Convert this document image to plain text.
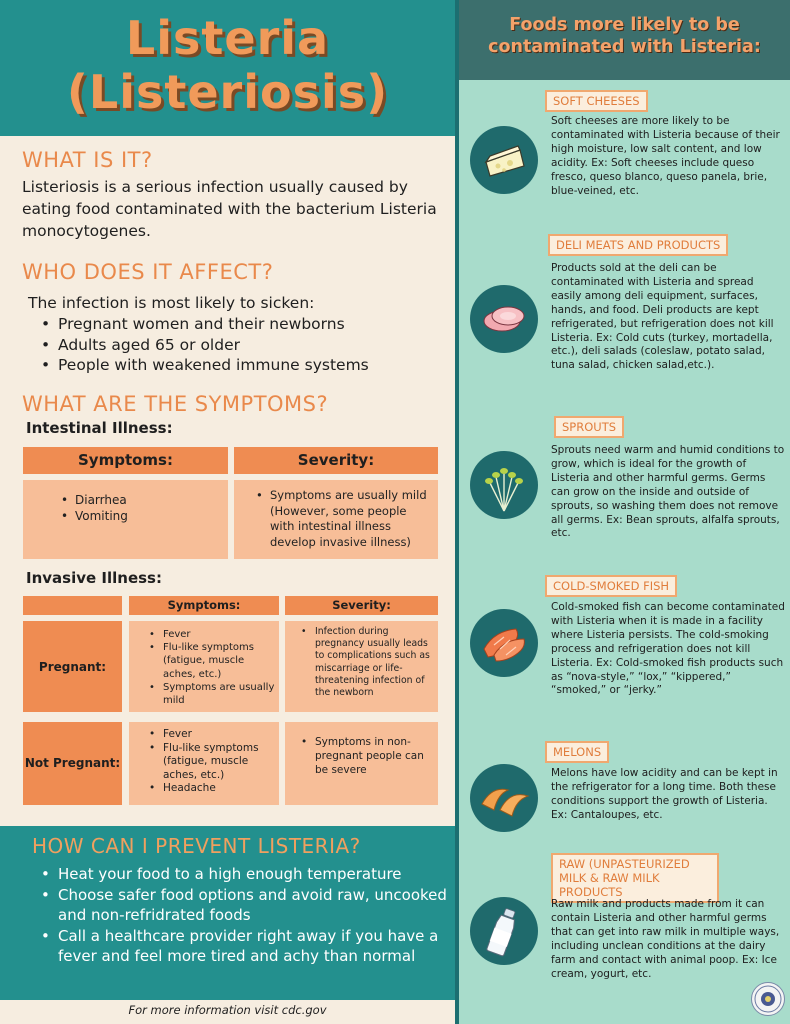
Listeria
(Listeriosis)
WHAT IS IT?
Listeriosis is a serious infection usually caused by eating food contaminated with the bacterium Listeria monocytogenes.
WHO DOES IT AFFECT?
The infection is most likely to sicken:
• Pregnant women and their newborns
• Adults aged 65 or older
• People with weakened immune systems
WHAT ARE THE SYMPTOMS?
Intestinal Illness:
Symptoms:	Severity:
• Diarrhea
• Vomiting
• Symptoms are usually mild (However, some people with intestinal illness develop invasive illness)
Invasive Illness:
Symptoms:	Severity:
Pregnant:
• Fever
• Flu-like symptoms (fatigue, muscle aches, etc.)
• Symptoms are usually mild
• Infection during pregnancy usually leads to complications such as miscarriage or life-threatening infection of the newborn
Not Pregnant:
• Fever
• Flu-like symptoms (fatigue, muscle aches, etc.)
• Headache
• Symptoms in non-pregnant people can be severe
HOW CAN I PREVENT LISTERIA?
• Heat your food to a high enough temperature
• Choose safer food options and avoid raw, uncooked and non-refridrated foods
• Call a healthcare provider right away if you have a fever and feel more tired and achy than normal
For more information visit cdc.gov
Foods more likely to be contaminated with Listeria:
SOFT CHEESES
Soft cheeses are more likely to be contaminated with Listeria because of their high moisture, low salt content, and low acidity. Ex: Soft cheeses include queso fresco, queso blanco, queso panela, brie, blue-veined, etc.
DELI MEATS AND PRODUCTS
Products sold at the deli can be contaminated with Listeria and spread easily among deli equipment, surfaces, hands, and food. Deli products are kept refrigerated, but refrigeration does not kill Listeria. Ex: Cold cuts (turkey, mortadella, etc.), deli salads (coleslaw, potato salad, tuna salad, chicken salad,etc.).
SPROUTS
Sprouts need warm and humid conditions to grow, which is ideal for the growth of Listeria and other harmful germs. Germs can grow on the inside and outside of sprouts, so washing them does not remove all germs. Ex: Bean sprouts, alfalfa sprouts, etc.
COLD-SMOKED FISH
Cold-smoked fish can become contaminated with Listeria when it is made in a facility where Listeria persists. The cold-smoking process and refrigeration does not kill Listeria. Ex: Cold-smoked fish products such as “nova-style,” “lox,” “kippered,” “smoked,” or “jerky.”
MELONS
Melons have low acidity and can be kept in the refrigerator for a long time. Both these conditions support the growth of Listeria. Ex: Cantaloupes, etc.
RAW (UNPASTEURIZED MILK & RAW MILK PRODUCTS
Raw milk and products made from it can contain Listeria and other harmful germs that can get into raw milk in multiple ways, including unclean conditions at the dairy farm and contact with animal poop. Ex: Ice cream, yogurt, etc.
